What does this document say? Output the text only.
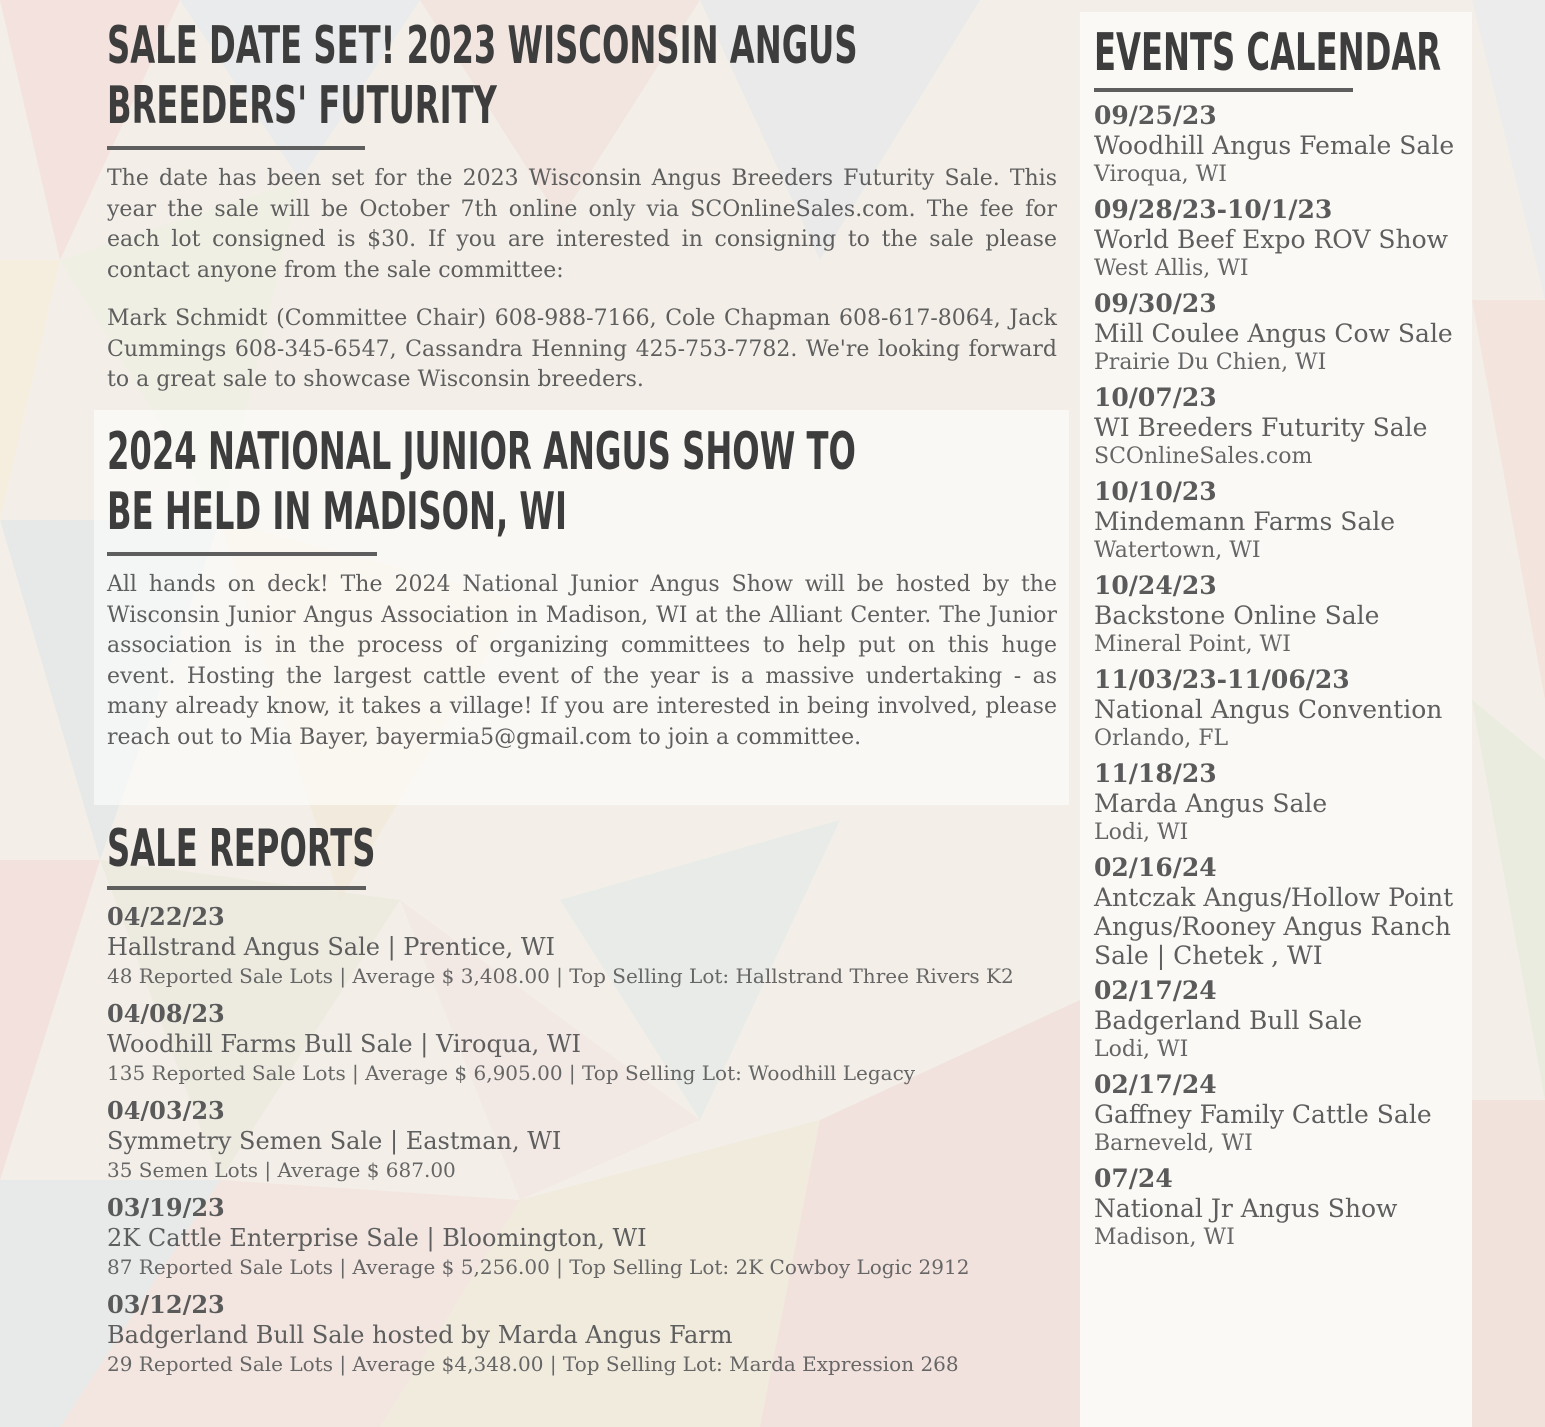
SALE DATE SET! 2023 WISCONSIN ANGUS
BREEDERS' FUTURITY

The date has been set for the 2023 Wisconsin Angus Breeders Futurity Sale. This year the sale will be October 7th online only via SCOnlineSales.com. The fee for each lot consigned is $30. If you are interested in consigning to the sale please contact anyone from the sale committee:

Mark Schmidt (Committee Chair) 608-988-7166, Cole Chapman 608-617-8064, Jack Cummings 608-345-6547, Cassandra Henning 425-753-7782. We're looking forward to a great sale to showcase Wisconsin breeders.

2024 NATIONAL JUNIOR ANGUS SHOW TO
BE HELD IN MADISON, WI

All hands on deck! The 2024 National Junior Angus Show will be hosted by the Wisconsin Junior Angus Association in Madison, WI at the Alliant Center. The Junior association is in the process of organizing committees to help put on this huge event. Hosting the largest cattle event of the year is a massive undertaking - as many already know, it takes a village! If you are interested in being involved, please reach out to Mia Bayer, bayermia5@gmail.com to join a committee.

SALE REPORTS
04/22/23
Hallstrand Angus Sale | Prentice, WI
48 Reported Sale Lots | Average $ 3,408.00 | Top Selling Lot: Hallstrand Three Rivers K2
04/08/23
Woodhill Farms Bull Sale | Viroqua, WI
135 Reported Sale Lots | Average $ 6,905.00 | Top Selling Lot: Woodhill Legacy
04/03/23
Symmetry Semen Sale | Eastman, WI
35 Semen Lots | Average $ 687.00
03/19/23
2K Cattle Enterprise Sale | Bloomington, WI
87 Reported Sale Lots | Average $ 5,256.00 | Top Selling Lot: 2K Cowboy Logic 2912
03/12/23
Badgerland Bull Sale hosted by Marda Angus Farm
29 Reported Sale Lots | Average $4,348.00 | Top Selling Lot: Marda Expression 268
EVENTS CALENDAR
09/25/23
Woodhill Angus Female Sale
Viroqua, WI
09/28/23-10/1/23
World Beef Expo ROV Show
West Allis, WI
09/30/23
Mill Coulee Angus Cow Sale
Prairie Du Chien, WI
10/07/23
WI Breeders Futurity Sale
SCOnlineSales.com
10/10/23
Mindemann Farms Sale
Watertown, WI
10/24/23
Backstone Online Sale
Mineral Point, WI
11/03/23-11/06/23
National Angus Convention
Orlando, FL
11/18/23
Marda Angus Sale
Lodi, WI
02/16/24
Antczak Angus/Hollow Point Angus/Rooney Angus Ranch Sale | Chetek , WI
02/17/24
Badgerland Bull Sale
Lodi, WI
02/17/24
Gaffney Family Cattle Sale
Barneveld, WI
07/24
National Jr Angus Show
Madison, WI
